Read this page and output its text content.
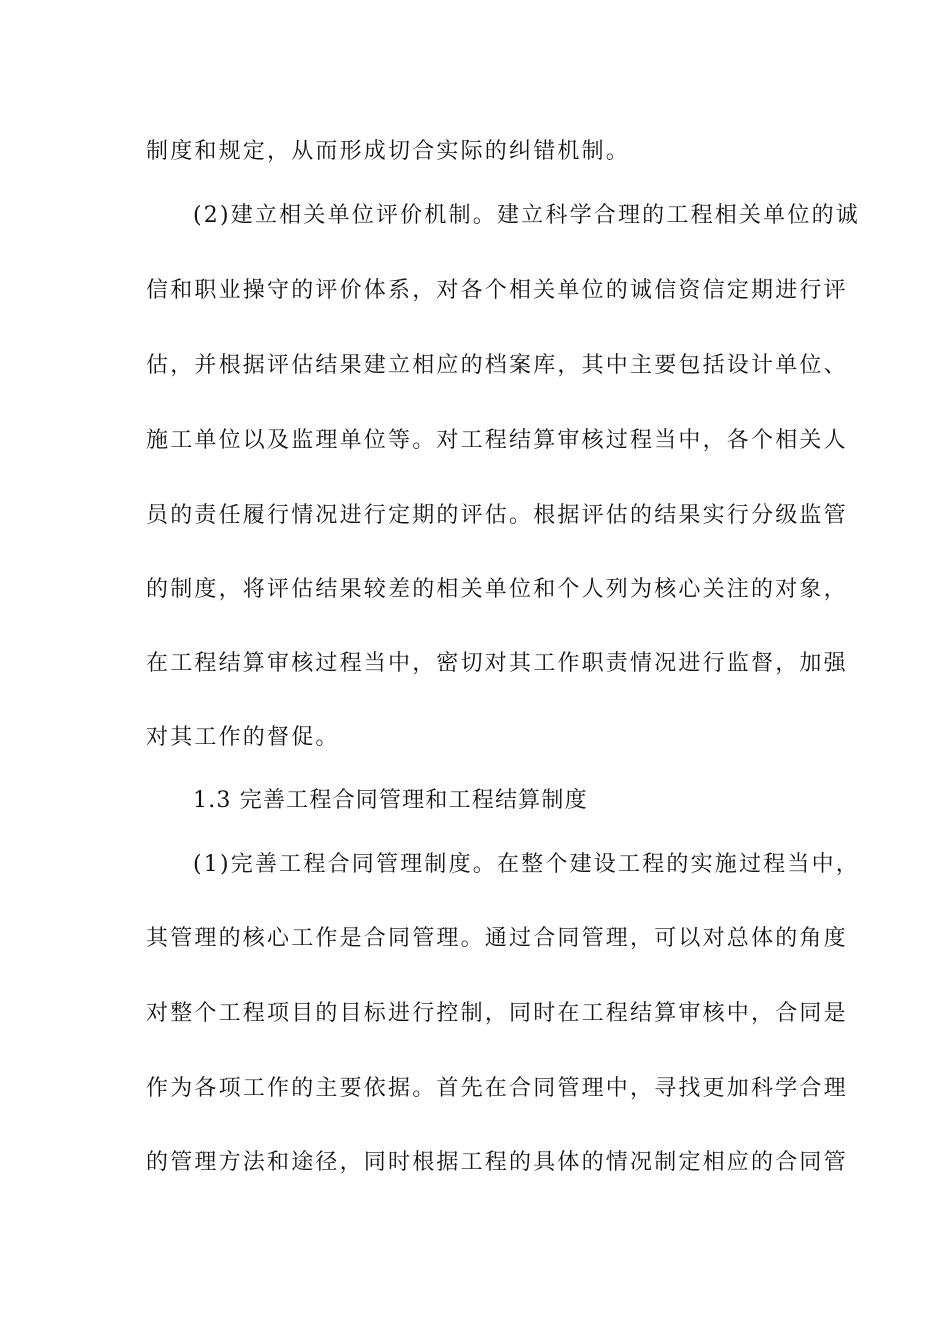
制度和规定，从而形成切合实际的纠错机制。
(2)建立相关单位评价机制。建立科学合理的工程相关单位的诚
信和职业操守的评价体系，对各个相关单位的诚信资信定期进行评
估，并根据评估结果建立相应的档案库，其中主要包括设计单位、
施工单位以及监理单位等。对工程结算审核过程当中，各个相关人
员的责任履行情况进行定期的评估。根据评估的结果实行分级监管
的制度，将评估结果较差的相关单位和个人列为核心关注的对象，
在工程结算审核过程当中，密切对其工作职责情况进行监督，加强
对其工作的督促。
1.3 完善工程合同管理和工程结算制度
(1)完善工程合同管理制度。在整个建设工程的实施过程当中，
其管理的核心工作是合同管理。通过合同管理，可以对总体的角度
对整个工程项目的目标进行控制，同时在工程结算审核中，合同是
作为各项工作的主要依据。首先在合同管理中，寻找更加科学合理
的管理方法和途径，同时根据工程的具体的情况制定相应的合同管
